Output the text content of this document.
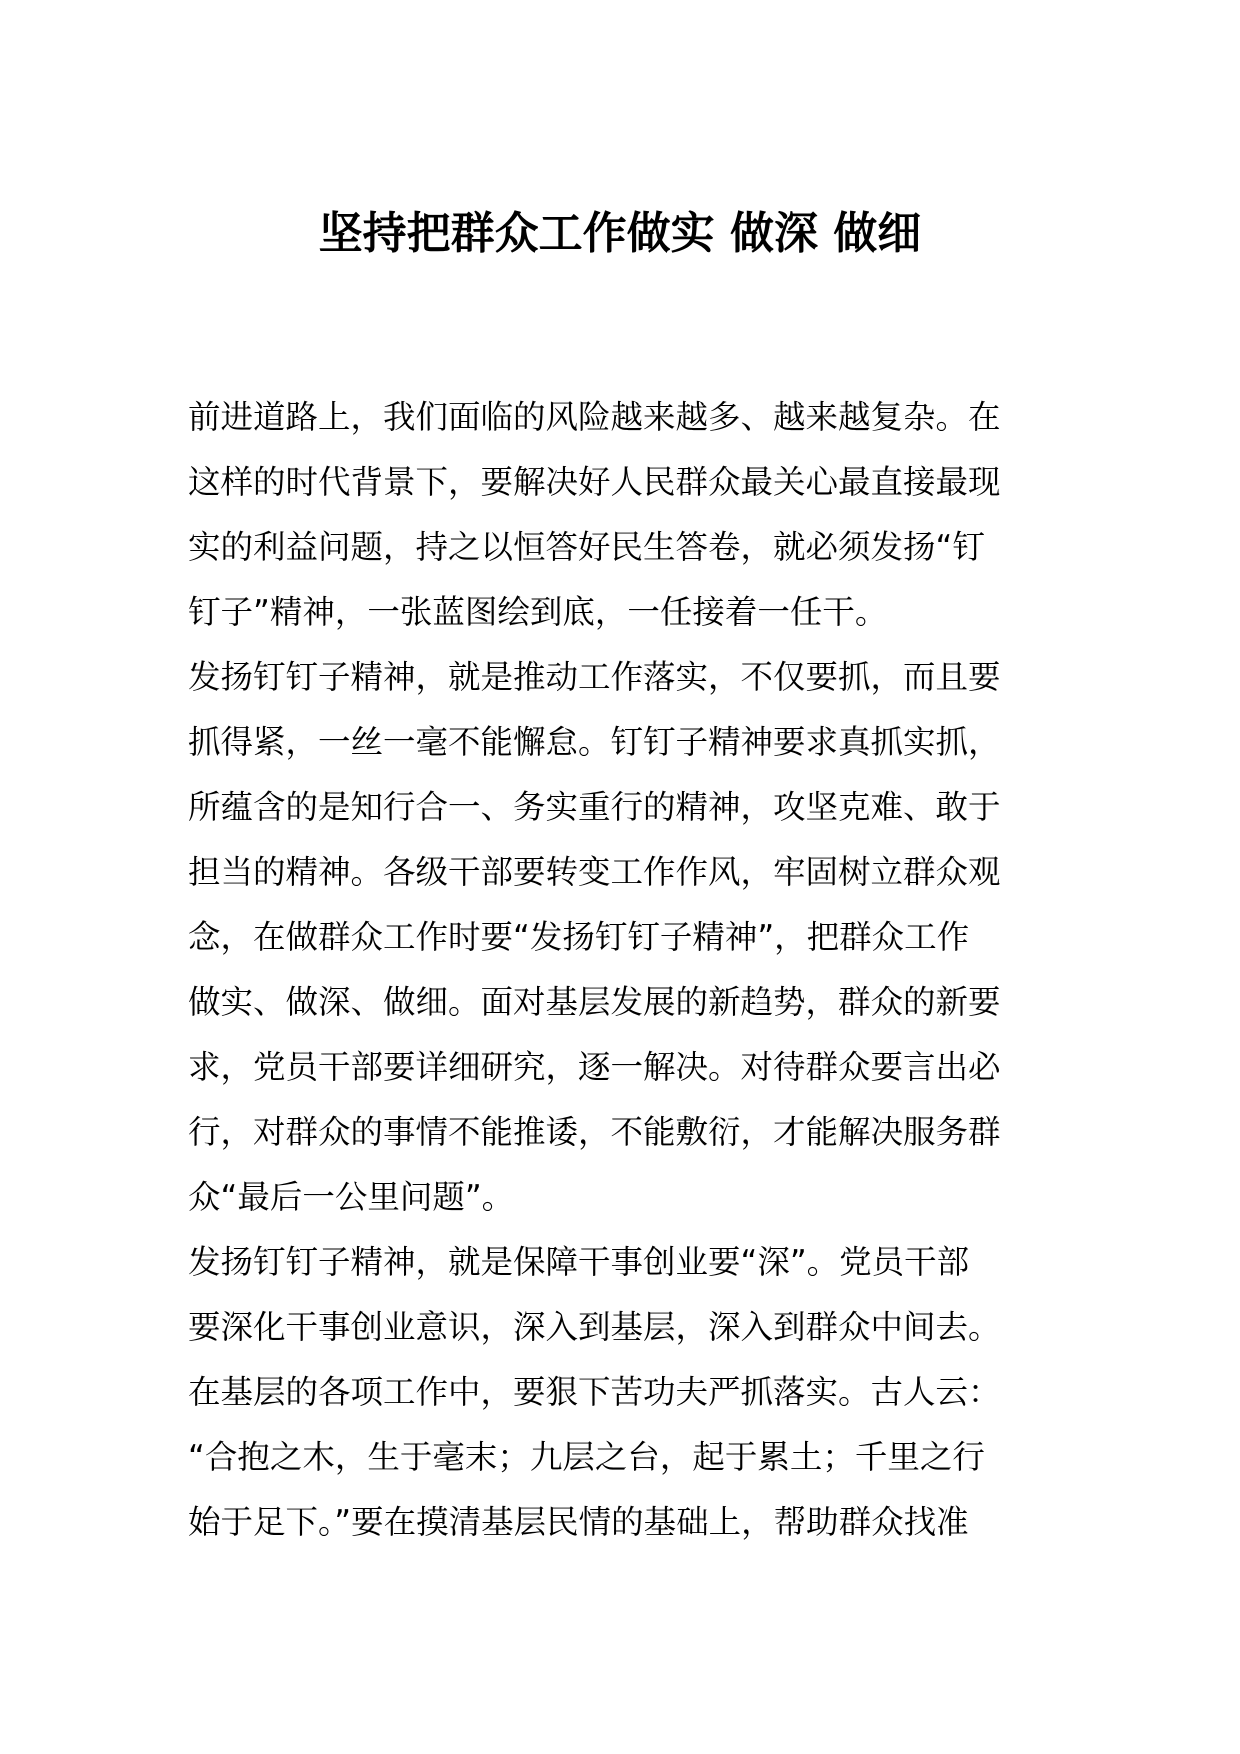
坚持把群众工作做实 做深 做细
前进道路上，我们面临的风险越来越多、越来越复杂。在
这样的时代背景下，要解决好人民群众最关心最直接最现
实的利益问题，持之以恒答好民生答卷，就必须发扬“钉
钉子”精神，一张蓝图绘到底，一任接着一任干。
发扬钉钉子精神，就是推动工作落实，不仅要抓，而且要
抓得紧，一丝一毫不能懈怠。钉钉子精神要求真抓实抓，
所蕴含的是知行合一、务实重行的精神，攻坚克难、敢于
担当的精神。各级干部要转变工作作风，牢固树立群众观
念，在做群众工作时要“发扬钉钉子精神”，把群众工作
做实、做深、做细。面对基层发展的新趋势，群众的新要
求，党员干部要详细研究，逐一解决。对待群众要言出必
行，对群众的事情不能推诿，不能敷衍，才能解决服务群
众“最后一公里问题”。
发扬钉钉子精神，就是保障干事创业要“深”。党员干部
要深化干事创业意识，深入到基层，深入到群众中间去。
在基层的各项工作中，要狠下苦功夫严抓落实。古人云：
“合抱之木，生于毫末；九层之台，起于累土；千里之行
始于足下。”要在摸清基层民情的基础上，帮助群众找准
